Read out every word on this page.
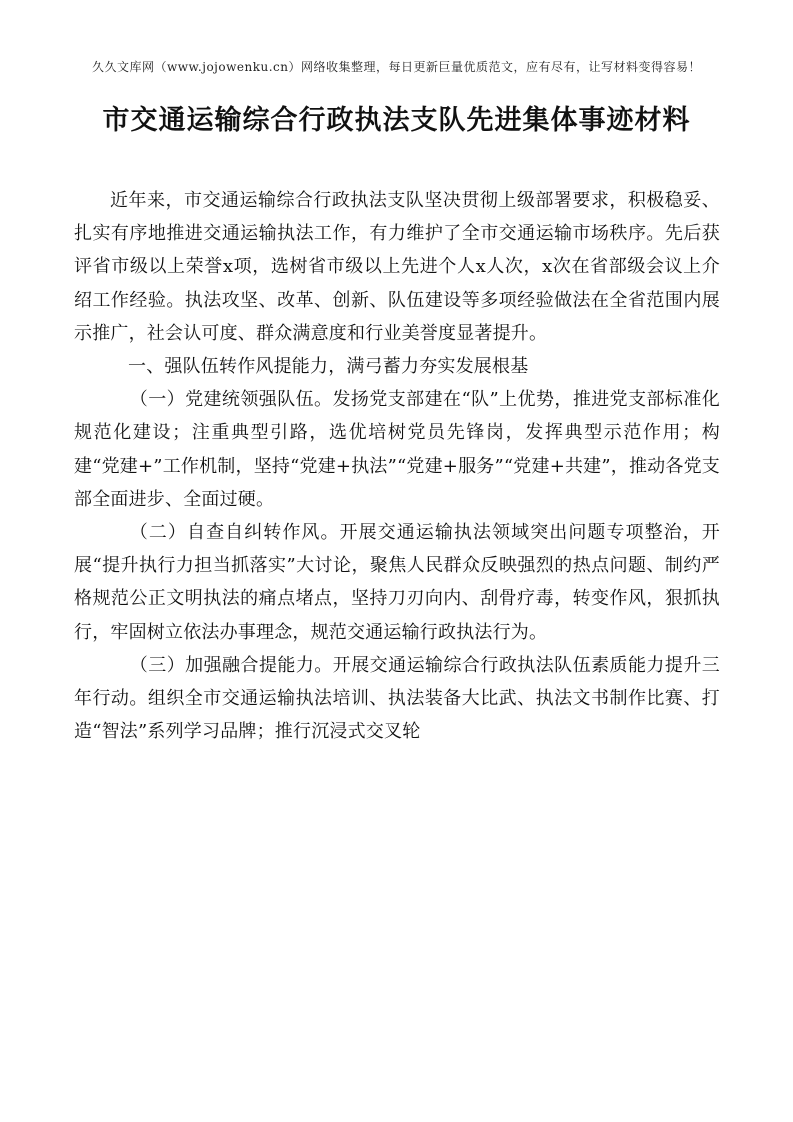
久久文库网（www.jojowenku.cn）网络收集整理，每日更新巨量优质范文，应有尽有，让写材料变得容易！
市交通运输综合行政执法支队先进集体事迹材料

近年来，市交通运输综合行政执法支队坚决贯彻上级部署要求，积极稳妥、扎实有序地推进交通运输执法工作，有力维护了全市交通运输市场秩序。先后获评省市级以上荣誉x项，选树省市级以上先进个人x人次，x次在省部级会议上介绍工作经验。执法攻坚、改革、创新、队伍建设等多项经验做法在全省范围内展示推广，社会认可度、群众满意度和行业美誉度显著提升。

一、强队伍转作风提能力，满弓蓄力夯实发展根基

（一）党建统领强队伍。发扬党支部建在“队”上优势，推进党支部标准化规范化建设；注重典型引路，选优培树党员先锋岗，发挥典型示范作用；构建“党建+”工作机制，坚持“党建+执法”“党建+服务”“党建+共建”，推动各党支部全面进步、全面过硬。

（二）自查自纠转作风。开展交通运输执法领域突出问题专项整治，开展“提升执行力担当抓落实”大讨论，聚焦人民群众反映强烈的热点问题、制约严格规范公正文明执法的痛点堵点，坚持刀刃向内、刮骨疗毒，转变作风，狠抓执行，牢固树立依法办事理念，规范交通运输行政执法行为。

（三）加强融合提能力。开展交通运输综合行政执法队伍素质能力提升三年行动。组织全市交通运输执法培训、执法装备大比武、执法文书制作比赛、打造“智法”系列学习品牌；推行沉浸式交叉轮
